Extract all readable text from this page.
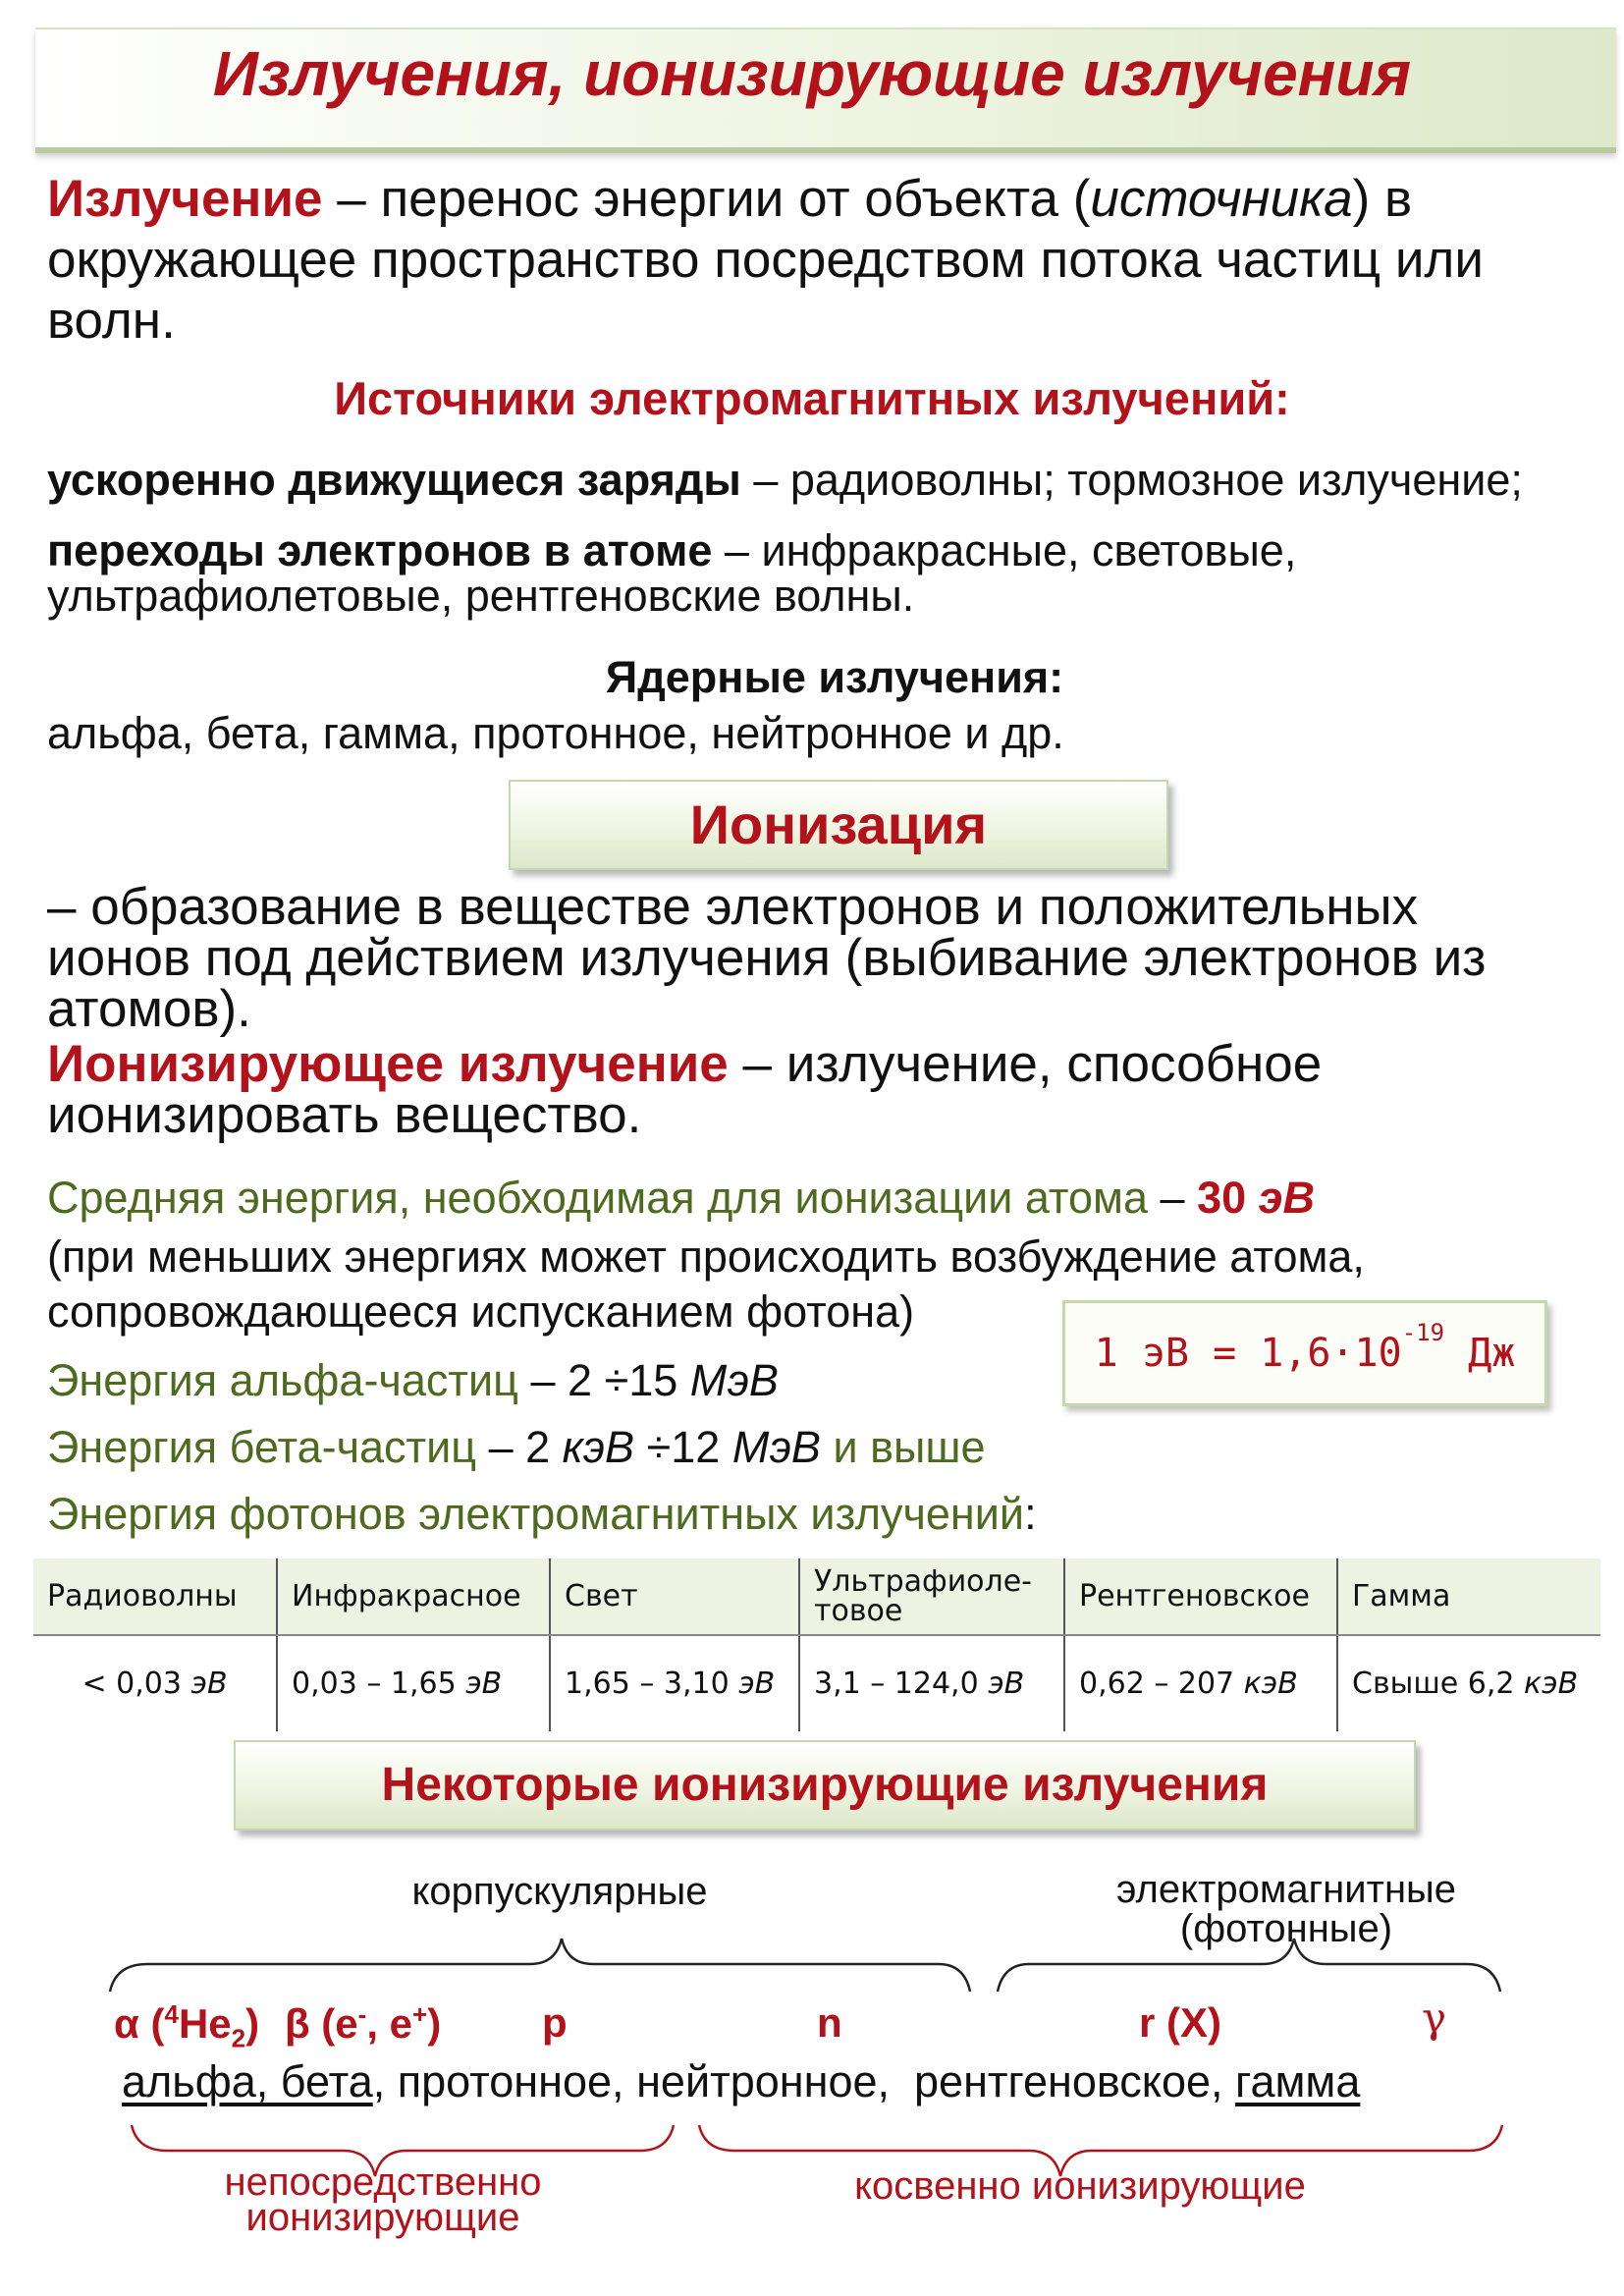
Излучения, ионизирующие излучения
Излучение – перенос энергии от объекта (источника) в
окружающее пространство посредством потока частиц или
волн.
Источники электромагнитных излучений:
ускоренно движущиеся заряды – радиоволны; тормозное излучение;
переходы электронов в атоме – инфракрасные, световые,
ультрафиолетовые, рентгеновские волны.
Ядерные излучения:
альфа, бета, гамма, протонное, нейтронное и др.
Ионизация
– образование в веществе электронов и положительных
ионов под действием излучения (выбивание электронов из
атомов).
Ионизирующее излучение – излучение, способное
ионизировать вещество.
Средняя энергия, необходимая для ионизации атома – 30 эВ
(при меньших энергиях может происходить возбуждение атома,
сопровождающееся испусканием фотона)
1 эВ = $1,6\cdot 10^{-19}$ Дж
Энергия альфа-частиц – 2 ÷15 МэВ
Энергия бета-частиц – 2 кэВ ÷12 МэВ и выше
Энергия фотонов электромагнитных излучений:
Радиоволны	Инфракрасное	Свет	Ультрафиоле-
товое	Рентгеновское	Гамма
< 0,03 эВ	0,03 – 1,65 эВ	1,65 – 3,10 эВ	3,1 – 124,0 эВ	0,62 – 207 кэВ	Свыше 6,2 кэВ
Некоторые ионизирующие излучения
корпускулярные	электромагнитные
(фотонные)
α $(^4He_2)$ β (e-, e+) p	n	r (X)	γ
альфа, бета, протонное, нейтронное,  рентгеновское, гамма
непосредственно
ионизирующие
косвенно ионизирующие
